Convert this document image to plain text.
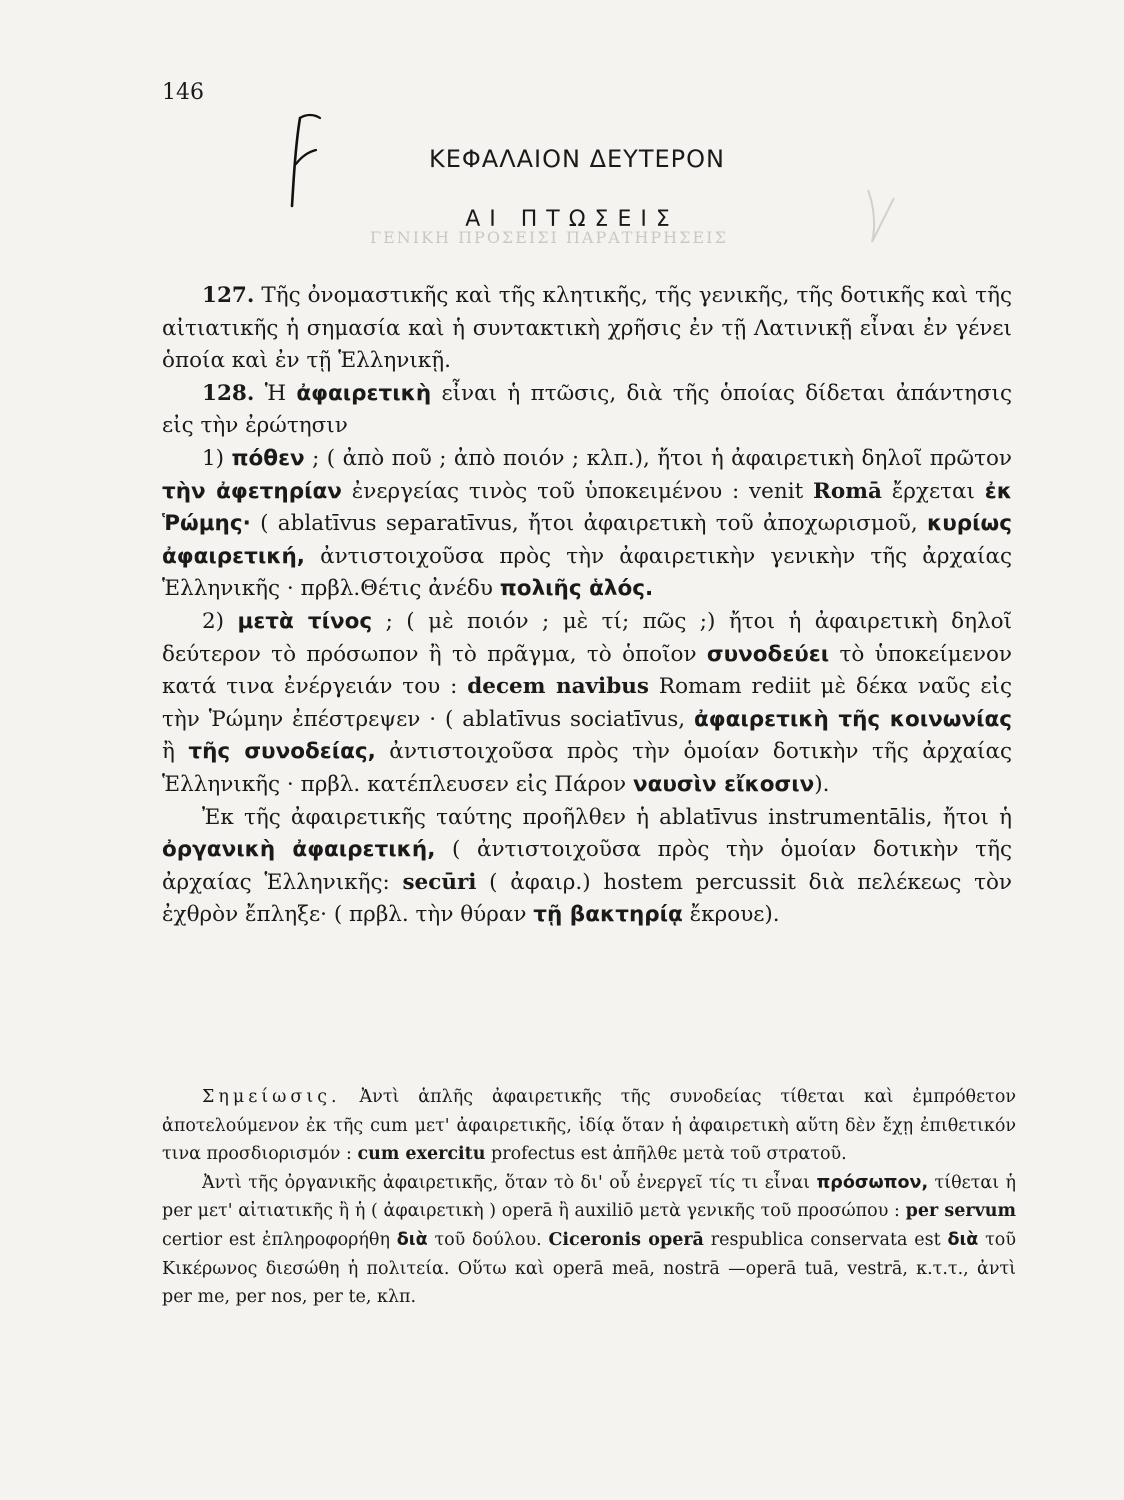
ΓΕΝΙΚΗ ΠΡΟΣΕΙΣΙ ΠΑΡΑΤΗΡΗΣΕΙΣ
146
ΚΕΦΑΛΑΙΟΝ ΔΕΥΤΕΡΟΝ
ΑΙ ΠΤΩΣΕΙΣ

127. Τῆς ὀνομαστικῆς καὶ τῆς κλητικῆς, τῆς γενικῆς, τῆς δοτικῆς καὶ τῆς αἰτιατικῆς ἡ σημασία καὶ ἡ συντακτικὴ χρῆσις ἐν τῇ Λατινικῇ εἶναι ἐν γένει ὁποία καὶ ἐν τῇ Ἑλληνικῇ.

128. Ἡ ἀφαιρετικὴ εἶναι ἡ πτῶσις, διὰ τῆς ὁποίας δίδεται ἀπάντησις εἰς τὴν ἐρώτησιν

1) πόθεν ; ( ἀπὸ ποῦ ; ἀπὸ ποιόν ; κλπ.), ἤτοι ἡ ἀφαιρετικὴ δηλοῖ πρῶτον τὴν ἀφετηρίαν ἐνεργείας τινὸς τοῦ ὑποκειμένου : venit Romā ἔρχεται ἐκ Ῥώμης· ( ablatīvus separatīvus, ἤτοι ἀφαιρετικὴ τοῦ ἀποχωρισμοῦ, κυρίως ἀφαιρετική, ἀντιστοιχοῦσα πρὸς τὴν ἀφαιρετικὴν γενικὴν τῆς ἀρχαίας Ἑλληνικῆς · πρβλ.Θέτις ἀνέδυ πολιῆς ἁλός.

2) μετὰ τίνος ; ( μὲ ποιόν ; μὲ τί; πῶς ;) ἤτοι ἡ ἀφαιρετικὴ δηλοῖ δεύτερον τὸ πρόσωπον ἢ τὸ πρᾶγμα, τὸ ὁποῖον συνοδεύει τὸ ὑποκείμενον κατά τινα ἐνέργειάν του : decem navibus Romam rediit μὲ δέκα ναῦς εἰς τὴν Ῥώμην ἐπέστρεψεν · ( ablatīvus sociatīvus, ἀφαιρετικὴ τῆς κοινωνίας ἢ τῆς συνοδείας, ἀντιστοιχοῦσα πρὸς τὴν ὁμοίαν δοτικὴν τῆς ἀρχαίας Ἑλληνικῆς · πρβλ. κατέπλευσεν εἰς Πάρον ναυσὶν εἴκοσιν).

Ἐκ τῆς ἀφαιρετικῆς ταύτης προῆλθεν ἡ ablatīvus instrumentālis, ἤτοι ἡ ὀργανικὴ ἀφαιρετική, ( ἀντιστοιχοῦσα πρὸς τὴν ὁμοίαν δοτικὴν τῆς ἀρχαίας Ἑλληνικῆς: secūri ( ἀφαιρ.) hostem percussit διὰ πελέκεως τὸν ἐχθρὸν ἔπληξε· ( πρβλ. τὴν θύραν τῇ βακτηρίᾳ ἔκρουε).

Σημείωσις. Ἀντὶ ἁπλῆς ἀφαιρετικῆς τῆς συνοδείας τίθεται καὶ ἐμπρόθετον ἀποτελούμενον ἐκ τῆς cum μετ' ἀφαιρετικῆς, ἰδίᾳ ὅταν ἡ ἀφαιρετικὴ αὕτη δὲν ἔχῃ ἐπιθετικόν τινα προσδιορισμόν : cum exercitu profectus est ἀπῆλθε μετὰ τοῦ στρατοῦ.

Ἀντὶ τῆς ὀργανικῆς ἀφαιρετικῆς, ὅταν τὸ δι' οὗ ἐνεργεῖ τίς τι εἶναι πρόσωπον, τίθεται ἡ per μετ' αἰτιατικῆς ἢ ἡ ( ἀφαιρετικὴ ) operā ἢ auxiliō μετὰ γενικῆς τοῦ προσώπου : per servum certior est ἐπληροφορήθη διὰ τοῦ δούλου. Ciceronis operā respublica conservata est διὰ τοῦ Κικέρωνος διεσώθη ἡ πολιτεία. Οὕτω καὶ operā meā, nostrā —operā tuā, vestrā, κ.τ.τ., ἀντὶ per me, per nos, per te, κλπ.
